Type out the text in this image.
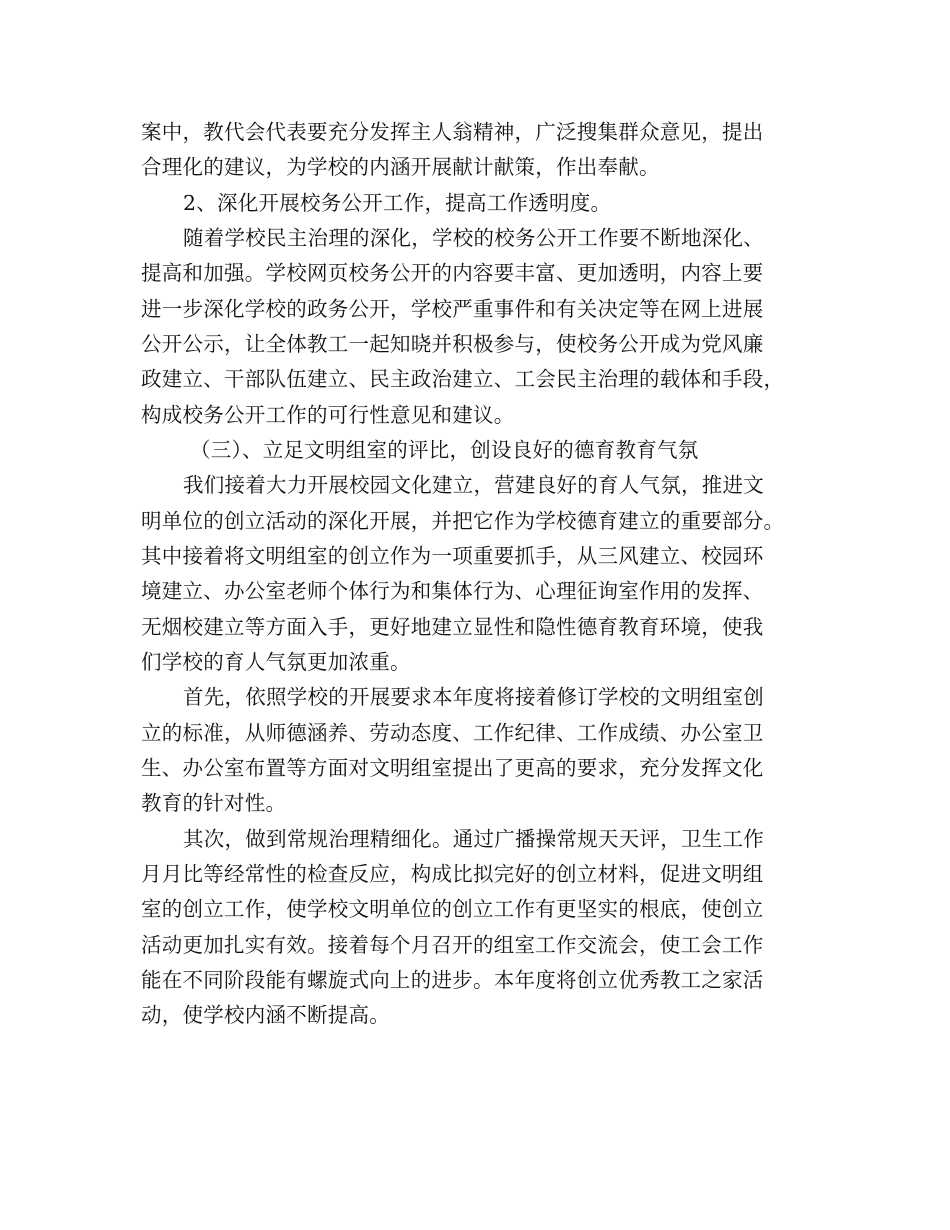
案中，教代会代表要充分发挥主人翁精神，广泛搜集群众意见，提出
合理化的建议，为学校的内涵开展献计献策，作出奉献。
2、深化开展校务公开工作，提高工作透明度。
随着学校民主治理的深化，学校的校务公开工作要不断地深化、
提高和加强。学校网页校务公开的内容要丰富、更加透明，内容上要
进一步深化学校的政务公开，学校严重事件和有关决定等在网上进展
公开公示，让全体教工一起知晓并积极参与，使校务公开成为党风廉
政建立、干部队伍建立、民主政治建立、工会民主治理的载体和手段，
构成校务公开工作的可行性意见和建议。
（三）、立足文明组室的评比，创设良好的德育教育气氛
我们接着大力开展校园文化建立，营建良好的育人气氛，推进文
明单位的创立活动的深化开展，并把它作为学校德育建立的重要部分。
其中接着将文明组室的创立作为一项重要抓手，从三风建立、校园环
境建立、办公室老师个体行为和集体行为、心理征询室作用的发挥、
无烟校建立等方面入手，更好地建立显性和隐性德育教育环境，使我
们学校的育人气氛更加浓重。
首先，依照学校的开展要求本年度将接着修订学校的文明组室创
立的标准，从师德涵养、劳动态度、工作纪律、工作成绩、办公室卫
生、办公室布置等方面对文明组室提出了更高的要求，充分发挥文化
教育的针对性。
其次，做到常规治理精细化。通过广播操常规天天评，卫生工作
月月比等经常性的检查反应，构成比拟完好的创立材料，促进文明组
室的创立工作，使学校文明单位的创立工作有更坚实的根底，使创立
活动更加扎实有效。接着每个月召开的组室工作交流会，使工会工作
能在不同阶段能有螺旋式向上的进步。本年度将创立优秀教工之家活
动，使学校内涵不断提高。
